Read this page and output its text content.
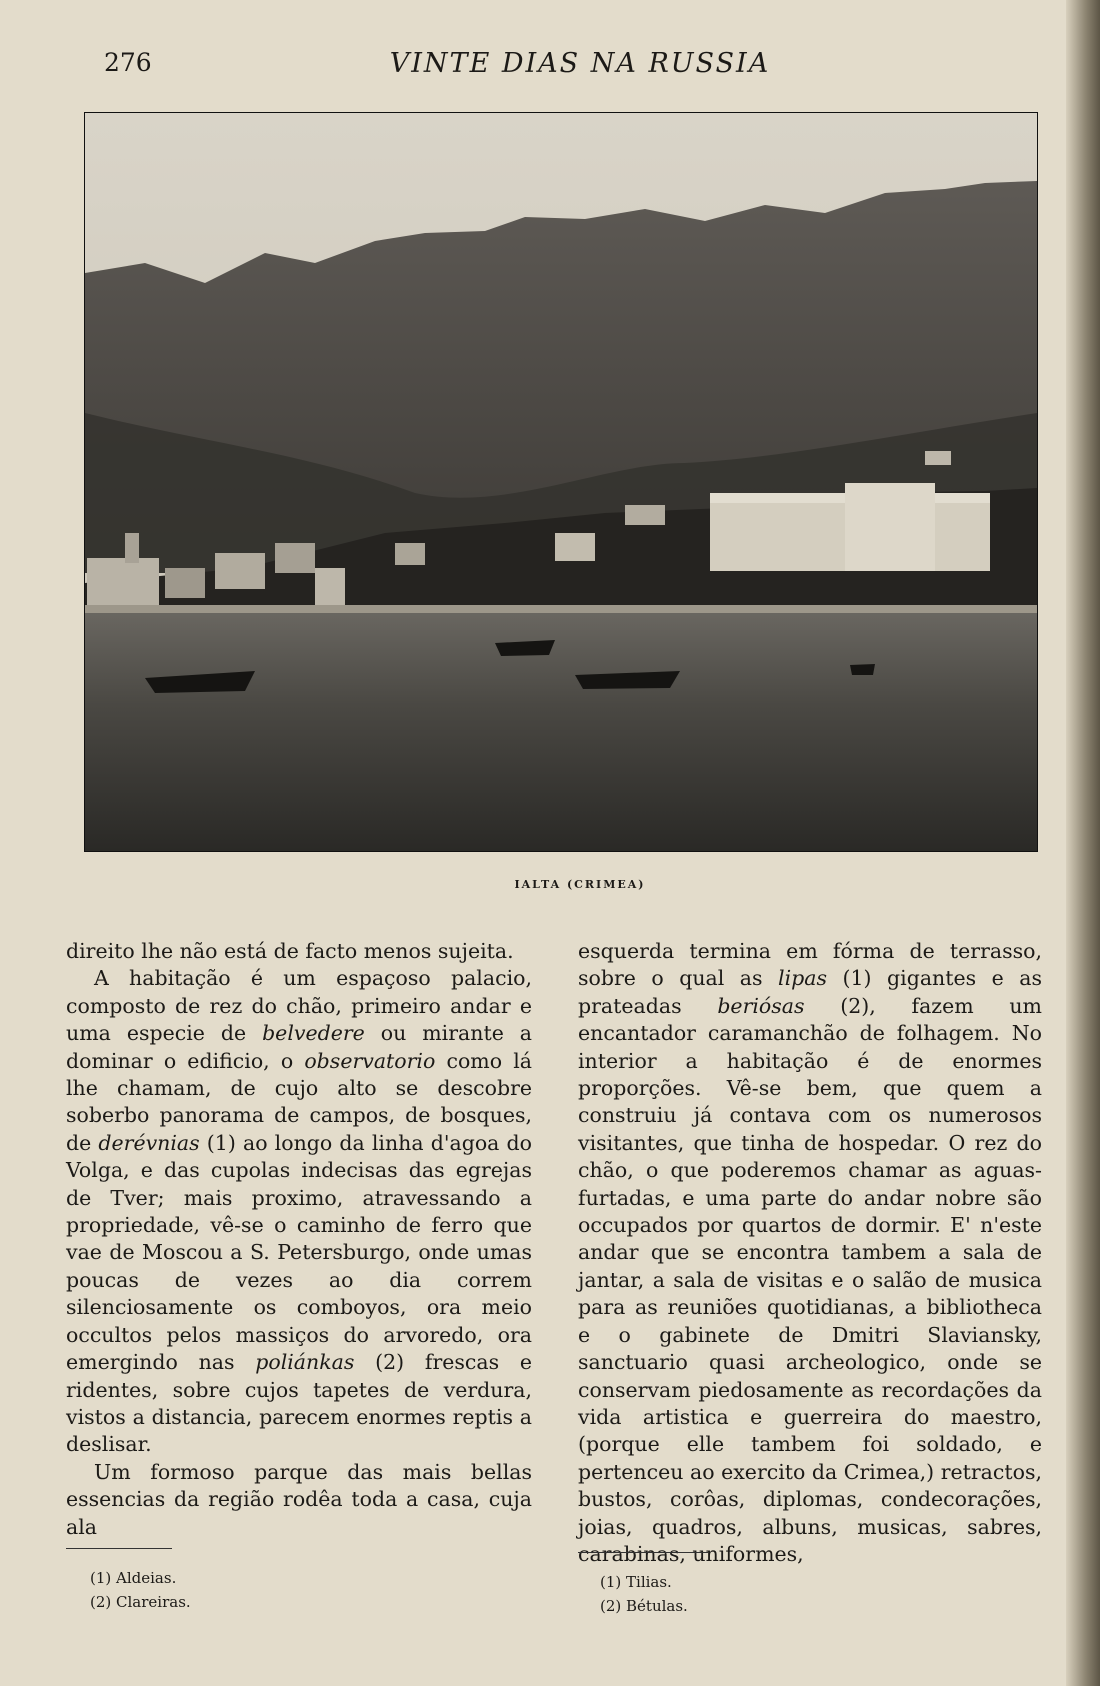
276	VINTE DIAS NA RUSSIA
IALTA (CRIMEA)

direito lhe não está de facto menos sujeita.

A habitação é um espaçoso palacio, composto de rez do chão, primeiro andar e uma especie de belvedere ou mirante a dominar o edificio, o observatorio como lá lhe chamam, de cujo alto se descobre soberbo panorama de campos, de bosques, de derévnias (1) ao longo da linha d'agoa do Volga, e das cupolas indecisas das egrejas de Tver; mais proximo, atravessando a propriedade, vê-se o caminho de ferro que vae de Moscou a S. Petersburgo, onde umas poucas de vezes ao dia correm silenciosamente os comboyos, ora meio occultos pelos massiços do arvoredo, ora emergindo nas poliánkas (2) frescas e ridentes, sobre cujos tapetes de verdura, vistos a distancia, parecem enormes reptis a deslisar.

Um formoso parque das mais bellas essencias da região rodêa toda a casa, cuja ala

esquerda termina em fórma de terrasso, sobre o qual as lipas (1) gigantes e as prateadas beriósas (2), fazem um encantador caramanchão de folhagem. No interior a habitação é de enormes proporções. Vê-se bem, que quem a construiu já contava com os numerosos visitantes, que tinha de hospedar. O rez do chão, o que poderemos chamar as aguas-furtadas, e uma parte do andar nobre são occupados por quartos de dormir. E' n'este andar que se encontra tambem a sala de jantar, a sala de visitas e o salão de musica para as reuniões quotidianas, a bibliotheca e o gabinete de Dmitri Slaviansky, sanctuario quasi archeologico, onde se conservam piedosamente as recordações da vida artistica e guerreira do maestro, (porque elle tambem foi soldado, e pertenceu ao exercito da Crimea,) retractos, bustos, corôas, diplomas, condecorações, joias, quadros, albuns, musicas, sabres, carabinas, uniformes,

(1) Aldeias.
(2) Clareiras.
(1) Tilias.
(2) Bétulas.
